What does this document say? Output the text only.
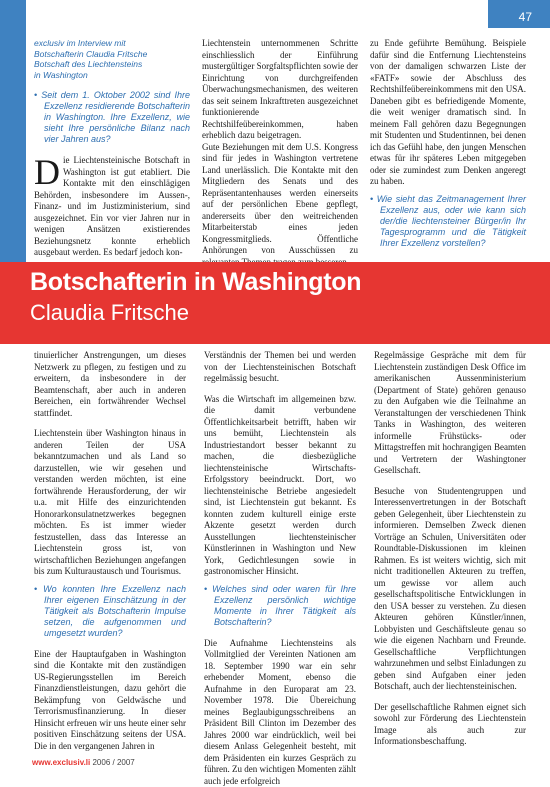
47
exclusiv im Interview mit
Botschafterin Claudia Fritsche
Botschaft des Liechtensteins
in Washington
• Seit dem 1. Oktober 2002 sind Ihre Exzellenz residierende Botschafterin in Washington. Ihre Exzellenz, wie sieht Ihre persönliche Bilanz nach vier Jahren aus?

Die Liechtensteinische Botschaft in Washington ist gut etabliert. Die Kontakte mit den einschlägigen Behörden, insbesondere im Aussen-, Finanz- und im Justizministerium, sind ausgezeichnet. Ein vor vier Jahren nur in wenigen Ansätzen existierendes Beziehungsnetz konnte erheblich ausgebaut werden. Es bedarf jedoch kon-

Liechtenstein unternommenen Schritte einschliesslich der Einführung mustergültiger Sorgfaltspflichten sowie der Einrichtung von durchgreifenden Überwachungsmechanismen, des weiteren das seit seinem Inkrafttreten ausgezeichnet funktionierende Rechtshilfeübereinkommen, haben erheblich dazu beigetragen.

Gute Beziehungen mit dem U.S. Kongress sind für jedes in Washington vertretene Land unerlässlich. Die Kontakte mit den Mitgliedern des Senats und des Repräsentantenhauses werden einerseits auf der persönlichen Ebene gepflegt, andererseits über den weitreichenden Mitarbeiterstab eines jeden Kongressmitglieds. Öffentliche Anhörungen von Ausschüssen zu

zu Ende geführte Bemühung. Beispiele dafür sind die Entfernung Liechtensteins von der damaligen schwarzen Liste der «FATF» sowie der Abschluss des Rechtshilfeübereinkommens mit den USA. Daneben gibt es befriedigende Momente, die weit weniger dramatisch sind. In meinem Fall gehören dazu Begegnungen mit Studenten und Studentinnen, bei denen ich das Gefühl habe, den jungen Menschen etwas für ihr späteres Leben mitgegeben oder sie zumindest zum Denken angeregt zu haben.

• Wie sieht das Zeitmanagement Ihrer Exzellenz aus, oder wie kann sich der/die liechtensteiner Bürger/in Ihr Tagesprogramm und die Tätigkeit Ihrer Exzellenz vorstellen?
Botschafterin in Washington
Claudia Fritsche

tinuierlicher Anstrengungen, um dieses Netzwerk zu pflegen, zu festigen und zu erweitern, da insbesondere in der Beamtenschaft, aber auch in anderen Bereichen, ein fortwährender Wechsel stattfindet.

Liechtenstein über Washington hinaus in anderen Teilen der USA bekanntzumachen und als Land so darzustellen, wie wir gesehen und verstanden werden möchten, ist eine fortwährende Herausforderung, der wir u.a. mit Hilfe des einzurichtenden Honorarkonsulatnetzwerkes begegnen möchten. Es ist immer wieder festzustellen, dass das Interesse an Liechtenstein gross ist, von wirtschaftlichen Beziehungen angefangen bis zum Kulturaustausch und Tourismus.

• Wo konnten Ihre Exzellenz nach Ihrer eigenen Einschätzung in der Tätigkeit als Botschafterin Impulse setzen, die aufgenommen und umgesetzt wurden?

Eine der Hauptaufgaben in Washington sind die Kontakte mit den zuständigen US-Regierungsstellen im Bereich Finanzdienstleistungen, dazu gehört die Bekämpfung von Geldwäsche und Terrorismusfinanzierung. In dieser Hinsicht erfreuen wir uns heute einer sehr positiven Einschätzung seitens der USA. Die in den vergangenen Jahren in

Verständnis der Themen bei und werden von der Liechtensteinischen Botschaft regelmässig besucht.

Was die Wirtschaft im allgemeinen bzw. die damit verbundene Öffentlichkeitsarbeit betrifft, haben wir uns bemüht, Liechtenstein als Industriestandort besser bekannt zu machen, die diesbezügliche liechtensteinische Wirtschafts-Erfolgsstory beeindruckt. Dort, wo liechtensteinische Betriebe angesiedelt sind, ist Liechtenstein gut bekannt. Es konnten zudem kulturell einige erste Akzente gesetzt werden durch Ausstellungen liechtensteinischer Künstlerinnen in Washington und New York, Gedichtlesungen sowie in gastronomischer Hinsicht.

• Welches sind oder waren für Ihre Exzellenz persönlich wichtige Momente in Ihrer Tätigkeit als Botschafterin?

Die Aufnahme Liechtensteins als Vollmitglied der Vereinten Nationen am 18. September 1990 war ein sehr erhebender Moment, ebenso die Aufnahme in den Europarat am 23. November 1978. Die Übereichung meines Beglaubigungsschreibens an Präsident Bill Clinton im Dezember des Jahres 2000 war eindrücklich, weil bei diesem Anlass Gelegenheit besteht, mit dem Präsidenten ein kurzes Gespräch zu führen. Zu den wichtigen Momenten zählt auch jede erfolgreich

Regelmässige Gespräche mit dem für Liechtenstein zuständigen Desk Office im amerikanischen Aussenministerium (Department of State) gehören genauso zu den Aufgaben wie die Teilnahme an Veranstaltungen der verschiedenen Think Tanks in Washington, des weiteren informelle Frühstücks- oder Mittagstreffen mit hochrangigen Beamten und Vertretern der Washingtoner Gesellschaft.

Besuche von Studentengruppen und Interessenvertretungen in der Botschaft geben Gelegenheit, über Liechtenstein zu informieren. Demselben Zweck dienen Vorträge an Schulen, Universitäten oder Roundtable-Diskussionen im kleinen Rahmen. Es ist weiters wichtig, sich mit nicht traditionellen Akteuren zu treffen, um gewisse vor allem auch gesellschaftspolitische Entwicklungen in den USA besser zu verstehen. Zu diesen Akteuren gehören Künstler/innen, Lobbyisten und Geschäftsleute genau so wie die eigenen Nachbarn und Freunde. Gesellschaftliche Verpflichtungen wahrzunehmen und selbst Einladungen zu geben sind Aufgaben einer jeden Botschaft, auch der liechtensteinischen.

Der gesellschaftliche Rahmen eignet sich sowohl zur Förderung des Liechtenstein Image als auch zur Informationsbeschaffung.

www.exclusiv.li 2006 / 2007
